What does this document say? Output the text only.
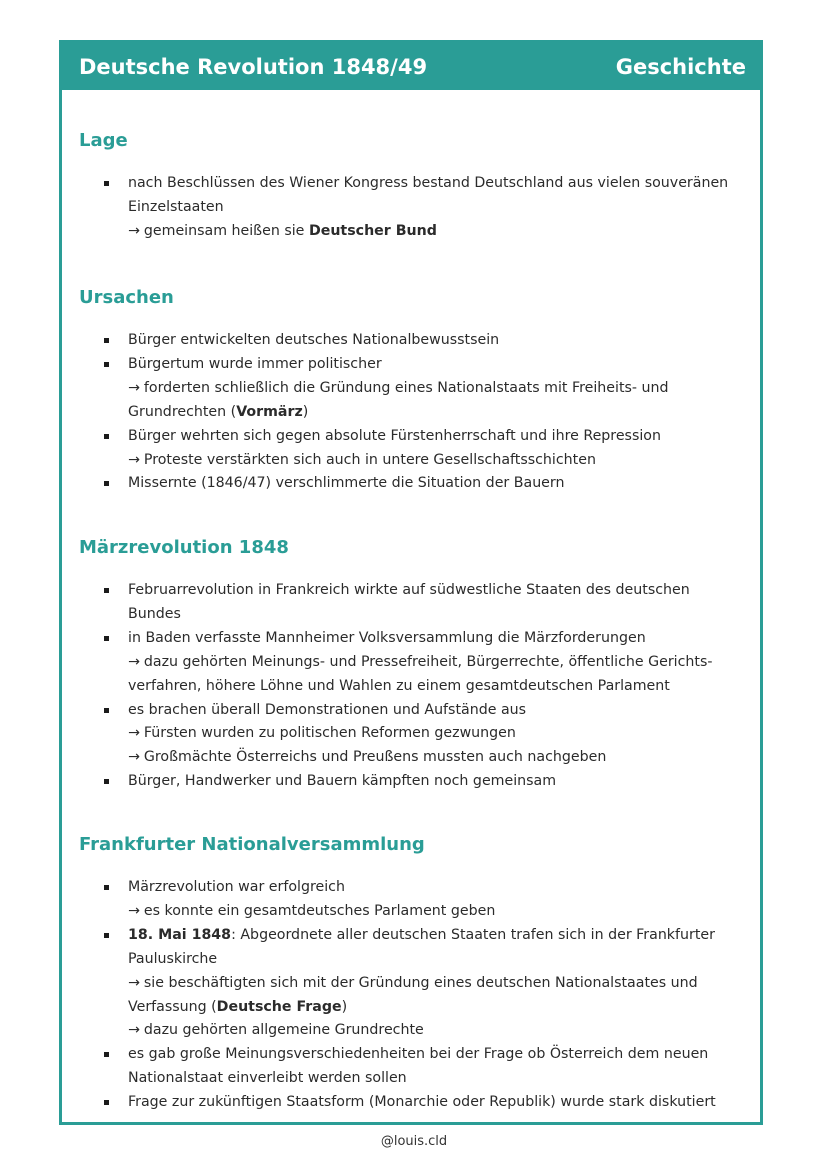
Deutsche Revolution 1848/49	Geschichte
Lage
nach Beschlüssen des Wiener Kongress bestand Deutschland aus vielen souveränen
Einzelstaaten
→ gemeinsam heißen sie Deutscher Bund
Ursachen
Bürger entwickelten deutsches Nationalbewusstsein
Bürgertum wurde immer politischer
→ forderten schließlich die Gründung eines Nationalstaats mit Freiheits- und
Grundrechten (Vormärz)
Bürger wehrten sich gegen absolute Fürstenherrschaft und ihre Repression
→ Proteste verstärkten sich auch in untere Gesellschaftsschichten
Missernte (1846/47) verschlimmerte die Situation der Bauern
Märzrevolution 1848
Februarrevolution in Frankreich wirkte auf südwestliche Staaten des deutschen
Bundes
in Baden verfasste Mannheimer Volksversammlung die Märzforderungen
→ dazu gehörten Meinungs- und Pressefreiheit, Bürgerrechte, öffentliche Gerichts-
verfahren, höhere Löhne und Wahlen zu einem gesamtdeutschen Parlament
es brachen überall Demonstrationen und Aufstände aus
→ Fürsten wurden zu politischen Reformen gezwungen
→ Großmächte Österreichs und Preußens mussten auch nachgeben
Bürger, Handwerker und Bauern kämpften noch gemeinsam
Frankfurter Nationalversammlung
Märzrevolution war erfolgreich
→ es konnte ein gesamtdeutsches Parlament geben
18. Mai 1848: Abgeordnete aller deutschen Staaten trafen sich in der Frankfurter
Pauluskirche
→ sie beschäftigten sich mit der Gründung eines deutschen Nationalstaates und
Verfassung (Deutsche Frage)
→ dazu gehörten allgemeine Grundrechte
es gab große Meinungsverschiedenheiten bei der Frage ob Österreich dem neuen
Nationalstaat einverleibt werden sollen
Frage zur zukünftigen Staatsform (Monarchie oder Republik) wurde stark diskutiert
@louis.cld
